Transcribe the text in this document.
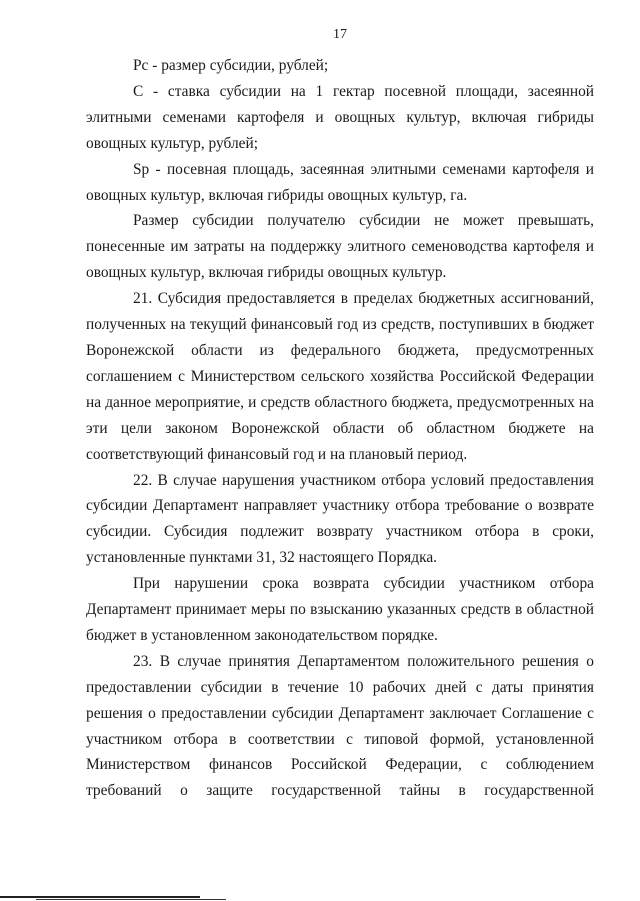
17

Рс - размер субсидии, рублей;

С - ставка субсидии на 1 гектар посевной площади, засеянной элитными семенами картофеля и овощных культур, включая гибриды овощных культур, рублей;

Sp - посевная площадь, засеянная элитными семенами картофеля и овощных культур, включая гибриды овощных культур, га.

Размер субсидии получателю субсидии не может превышать, понесенные им затраты на поддержку элитного семеноводства картофеля и овощных культур, включая гибриды овощных культур.

21. Субсидия предоставляется в пределах бюджетных ассигнований, полученных на текущий финансовый год из средств, поступивших в бюджет Воронежской области из федерального бюджета, предусмотренных соглашением с Министерством сельского хозяйства Российской Федерации на данное мероприятие, и средств областного бюджета, предусмотренных на эти цели законом Воронежской области об областном бюджете на соответствующий финансовый год и на плановый период.

22. В случае нарушения участником отбора условий предоставления субсидии Департамент направляет участнику отбора требование о возврате субсидии. Субсидия подлежит возврату участником отбора в сроки, установленные пунктами 31, 32 настоящего Порядка.

При нарушении срока возврата субсидии участником отбора Департамент принимает меры по взысканию указанных средств в областной бюджет в установленном законодательством порядке.

23. В случае принятия Департаментом положительного решения о предоставлении субсидии в течение 10 рабочих дней с даты принятия решения о предоставлении субсидии Департамент заключает Соглашение с участником отбора в соответствии с типовой формой, установленной Министерством финансов Российской Федерации, с соблюдением требований о защите государственной тайны в государственной
